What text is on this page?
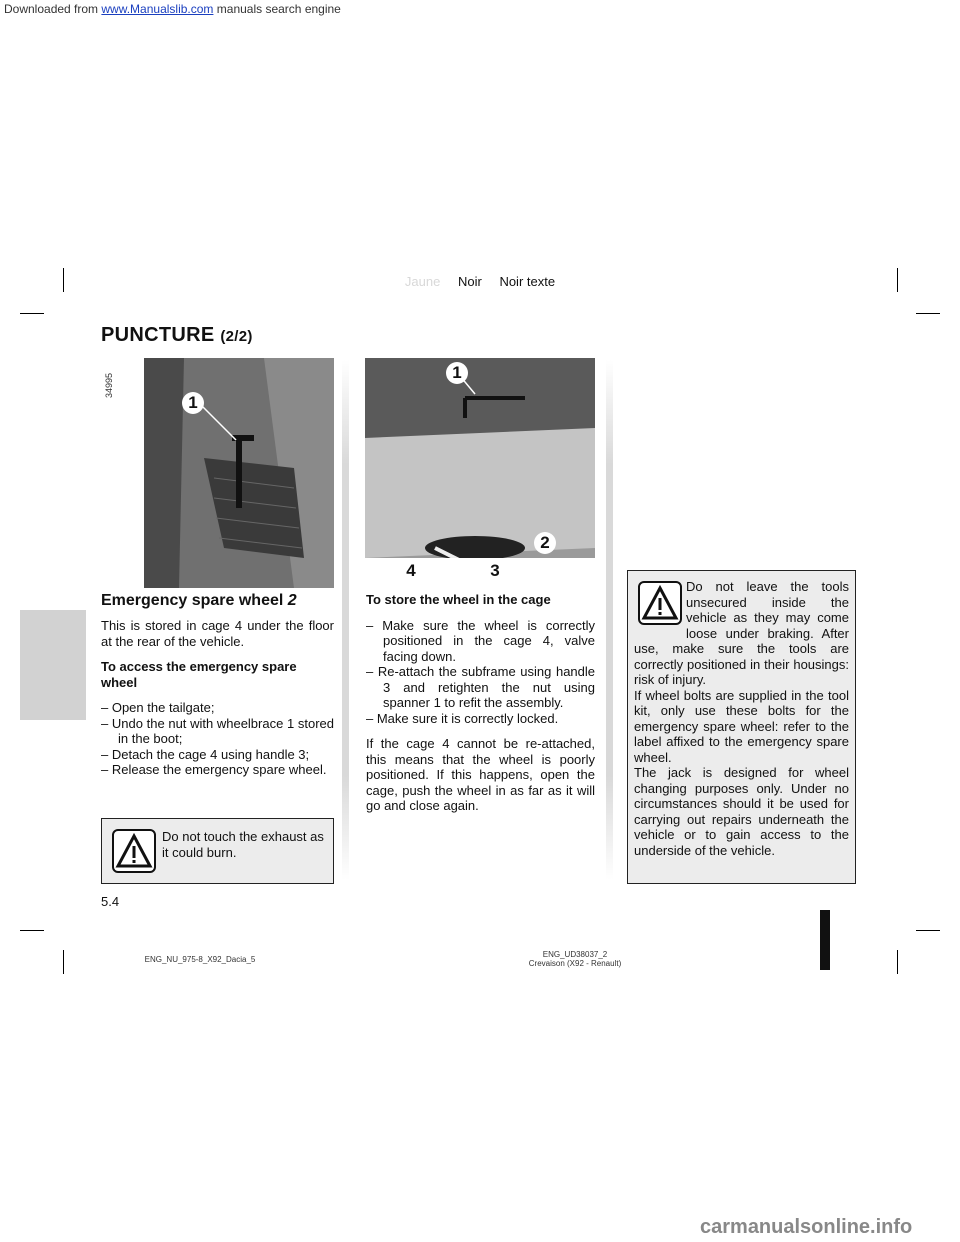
Downloaded from www.Manualslib.com manuals search engine
Jaune Noir Noir texte
PUNCTURE (2/2)
34995
1
1
2
4	3
Emergency spare wheel 2

This is stored in cage 4 under the floor at the rear of the vehicle.

To access the emergency spare wheel

– Open the tailgate;
– Undo the nut with wheelbrace 1 stored in the boot;
– Detach the cage 4 using handle 3;
– Release the emergency spare wheel.
Do not touch the exhaust as it could burn.

To store the wheel in the cage

– Make sure the wheel is correctly positioned in the cage 4, valve facing down.
– Re-attach the subframe using handle 3 and retighten the nut using spanner 1 to refit the assembly.
– Make sure it is correctly locked.

If the cage 4 cannot be re-attached, this means that the wheel is poorly positioned. If this happens, open the cage, push the wheel in as far as it will go and close again.

Do not leave the tools unsecured inside the vehicle as they may come loose under braking. After use, make sure the tools are correctly positioned in their housings: risk of injury.
If wheel bolts are supplied in the tool kit, only use these bolts for the emergency spare wheel: refer to the label affixed to the emergency spare wheel.
The jack is designed for wheel changing purposes only. Under no circumstances should it be used for carrying out repairs underneath the vehicle or to gain access to the underside of the vehicle.
5.4
ENG_NU_975-8_X92_Dacia_5
ENG_UD38037_2
Crevaison (X92 - Renault)
carmanualsonline.info
